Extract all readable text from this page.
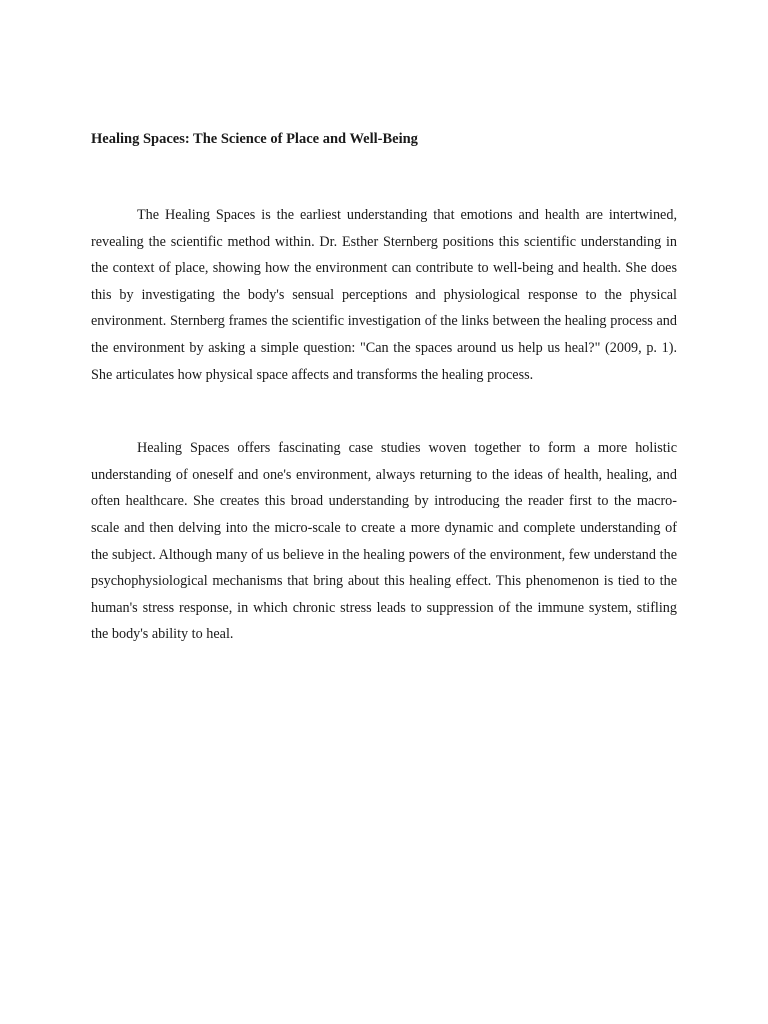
Healing Spaces: The Science of Place and Well-Being

The Healing Spaces is the earliest understanding that emotions and health are intertwined, revealing the scientific method within. Dr. Esther Sternberg positions this scientific understanding in the context of place, showing how the environment can contribute to well-being and health. She does this by investigating the body's sensual perceptions and physiological response to the physical environment. Sternberg frames the scientific investigation of the links between the healing process and the environment by asking a simple question: "Can the spaces around us help us heal?" (2009, p. 1). She articulates how physical space affects and transforms the healing process.

Healing Spaces offers fascinating case studies woven together to form a more holistic understanding of oneself and one's environment, always returning to the ideas of health, healing, and often healthcare. She creates this broad understanding by introducing the reader first to the macro-scale and then delving into the micro-scale to create a more dynamic and complete understanding of the subject. Although many of us believe in the healing powers of the environment, few understand the psychophysiological mechanisms that bring about this healing effect. This phenomenon is tied to the human's stress response, in which chronic stress leads to suppression of the immune system, stifling the body's ability to heal.
